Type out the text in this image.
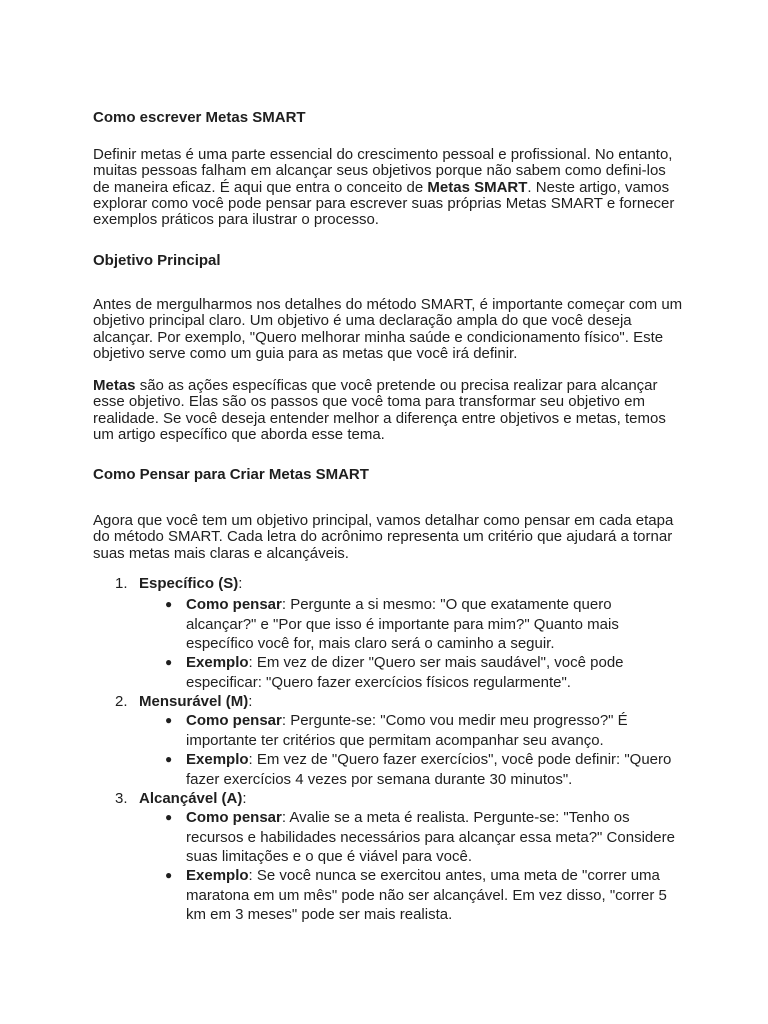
Como escrever Metas SMART
Definir metas é uma parte essencial do crescimento pessoal e profissional. No entanto, muitas pessoas falham em alcançar seus objetivos porque não sabem como defini-los de maneira eficaz. É aqui que entra o conceito de Metas SMART. Neste artigo, vamos explorar como você pode pensar para escrever suas próprias Metas SMART e fornecer exemplos práticos para ilustrar o processo.
Objetivo Principal
Antes de mergulharmos nos detalhes do método SMART, é importante começar com um objetivo principal claro. Um objetivo é uma declaração ampla do que você deseja alcançar. Por exemplo, "Quero melhorar minha saúde e condicionamento físico". Este objetivo serve como um guia para as metas que você irá definir.
Metas são as ações específicas que você pretende ou precisa realizar para alcançar esse objetivo. Elas são os passos que você toma para transformar seu objetivo em realidade. Se você deseja entender melhor a diferença entre objetivos e metas, temos um artigo específico que aborda esse tema.
Como Pensar para Criar Metas SMART
Agora que você tem um objetivo principal, vamos detalhar como pensar em cada etapa do método SMART. Cada letra do acrônimo representa um critério que ajudará a tornar suas metas mais claras e alcançáveis.
1. Específico (S):
● Como pensar: Pergunte a si mesmo: "O que exatamente quero alcançar?" e "Por que isso é importante para mim?" Quanto mais específico você for, mais claro será o caminho a seguir.
● Exemplo: Em vez de dizer "Quero ser mais saudável", você pode especificar: "Quero fazer exercícios físicos regularmente".
2. Mensurável (M):
● Como pensar: Pergunte-se: "Como vou medir meu progresso?" É importante ter critérios que permitam acompanhar seu avanço.
● Exemplo: Em vez de "Quero fazer exercícios", você pode definir: "Quero fazer exercícios 4 vezes por semana durante 30 minutos".
3. Alcançável (A):
● Como pensar: Avalie se a meta é realista. Pergunte-se: "Tenho os recursos e habilidades necessários para alcançar essa meta?" Considere suas limitações e o que é viável para você.
● Exemplo: Se você nunca se exercitou antes, uma meta de "correr uma maratona em um mês" pode não ser alcançável. Em vez disso, "correr 5 km em 3 meses" pode ser mais realista.
